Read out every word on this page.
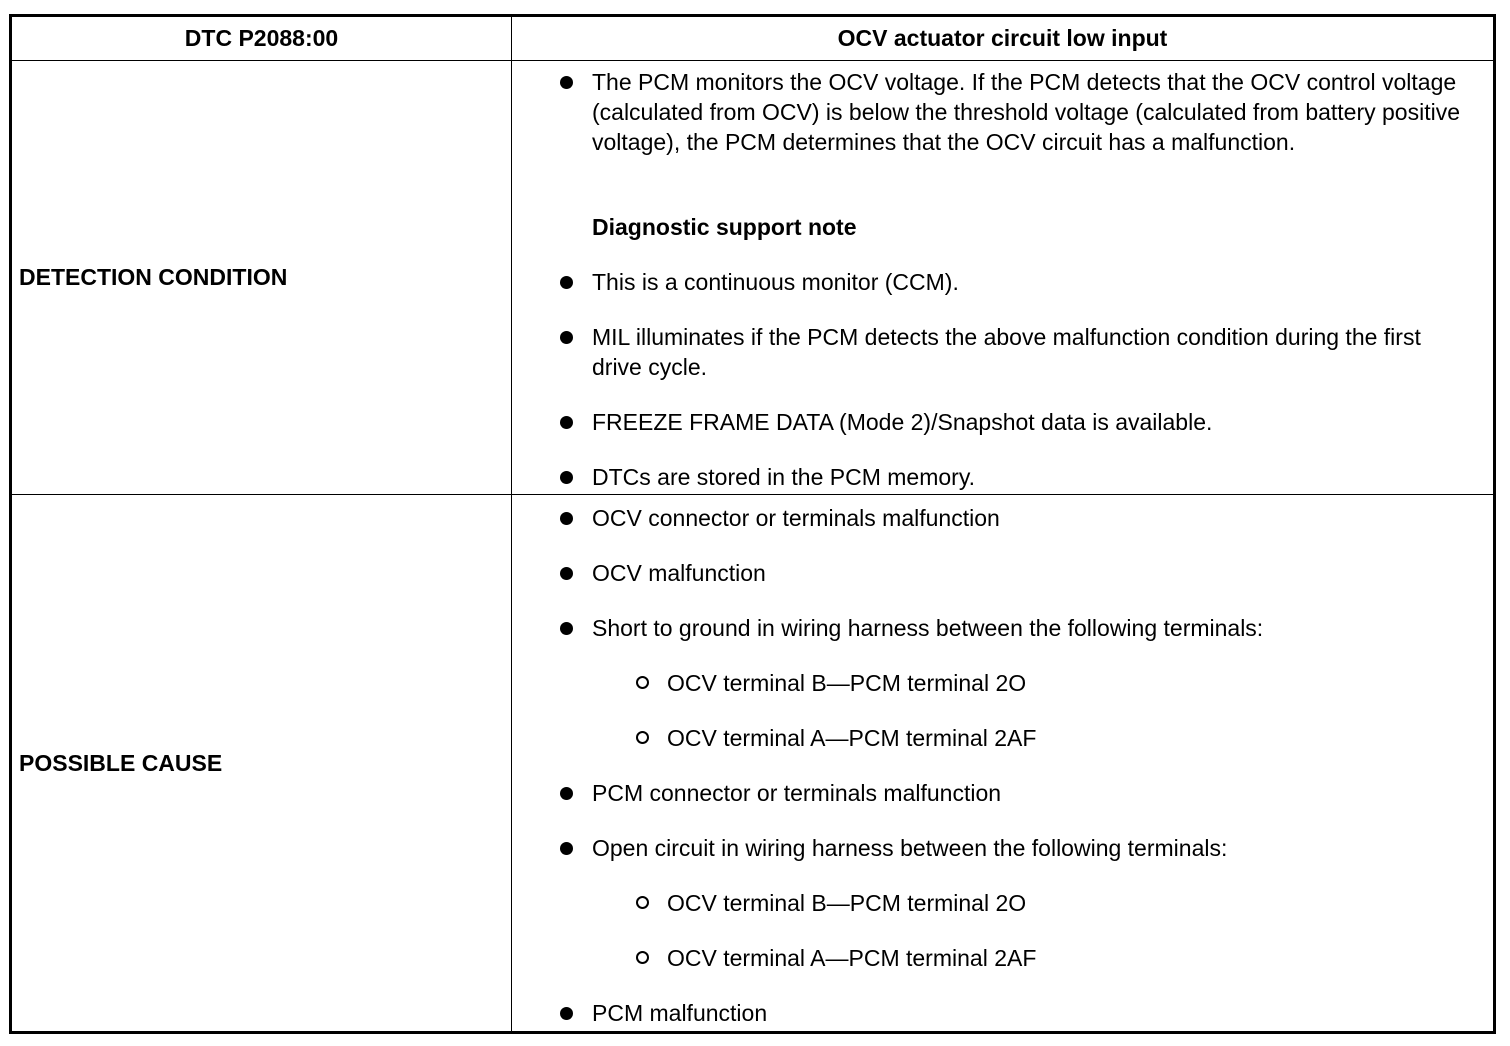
DTC P2088:00	OCV actuator circuit low input
DETECTION CONDITION
The PCM monitors the OCV voltage. If the PCM detects that the OCV control voltage (calculated from OCV) is below the threshold voltage (calculated from battery positive voltage), the PCM determines that the OCV circuit has a malfunction.
Diagnostic support note
This is a continuous monitor (CCM).
MIL illuminates if the PCM detects the above malfunction condition during the first drive cycle.
FREEZE FRAME DATA (Mode 2)/Snapshot data is available.
DTCs are stored in the PCM memory.
POSSIBLE CAUSE
OCV connector or terminals malfunction
OCV malfunction
Short to ground in wiring harness between the following terminals:
OCV terminal B—PCM terminal 2O
OCV terminal A—PCM terminal 2AF
PCM connector or terminals malfunction
Open circuit in wiring harness between the following terminals:
OCV terminal B—PCM terminal 2O
OCV terminal A—PCM terminal 2AF
PCM malfunction
